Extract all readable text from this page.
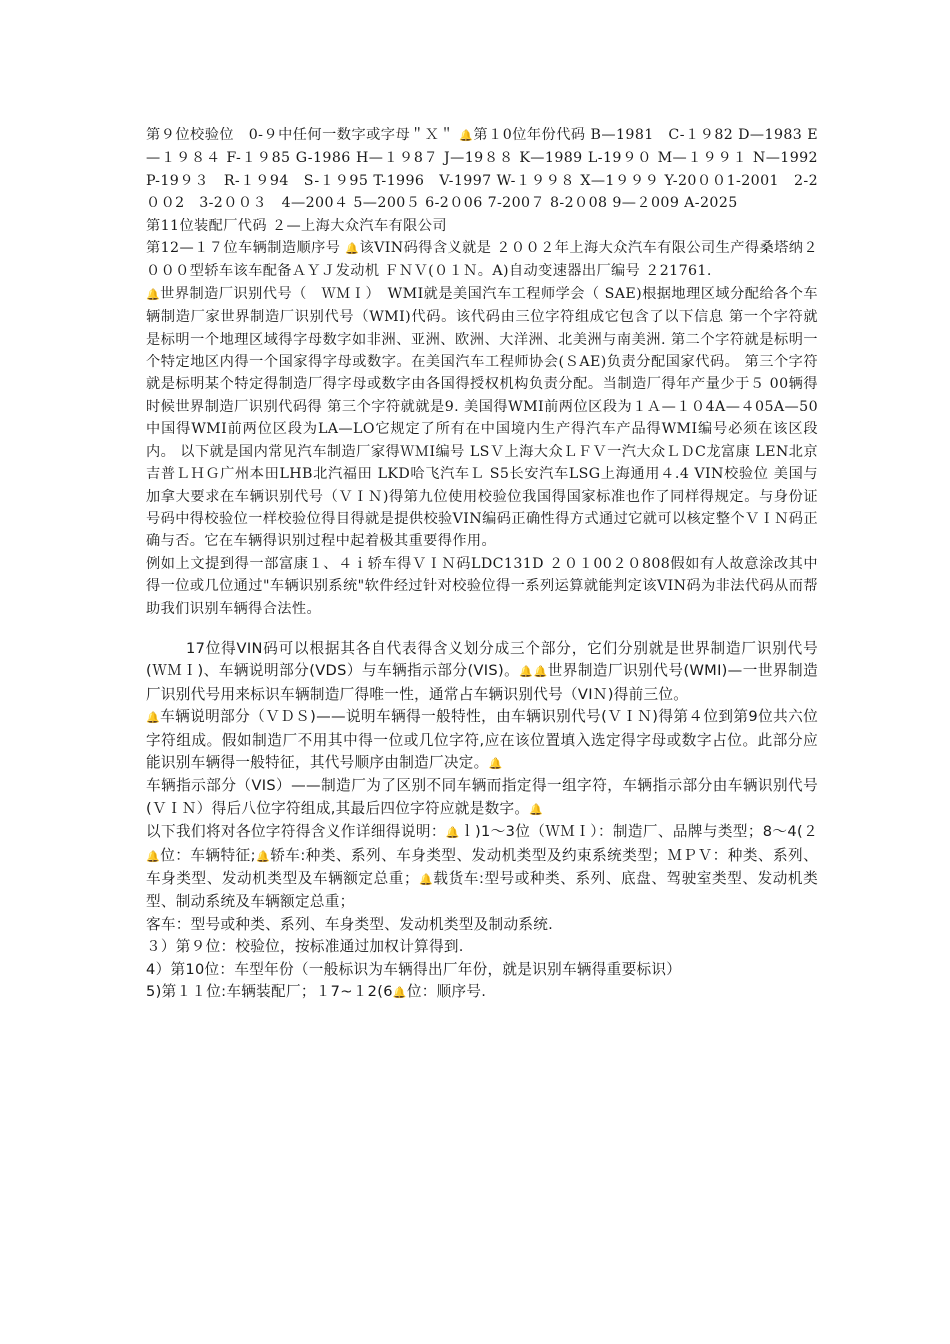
第９位校验位　0-９中任何一数字或字母＂Ｘ＂ 🔔第１0位年份代码 B—1981　C-１９82 D—1983 E—１９８４ F-１９85 G-1986 H—１９8７ J—19８８ K—1989 L-19９０ M—１９９１ N—1992 P-19９３　R-１９94　S-１９95 T-1996　V-1997 W-１９９８ X—1９９９ Y-20００1-2001　2-2００2　3-2００３　4—200４ 5—200５ 6-2０06 7-200７ 8-2０08 9—２009 A-2025

第11位装配厂代码 ２—上海大众汽车有限公司

第12—１７位车辆制造顺序号 🔔该VIN码得含义就是 ２００２年上海大众汽车有限公司生产得桑塔纳２０００型轿车该车配备ＡＹＪ发动机 ＦＮＶ(０１Ｎ。A)自动变速器出厂编号 ２21761.

🔔世界制造厂识别代号（　ＷＭＩ）　WMI就是美国汽车工程师学会（ SAE)根据地理区域分配给各个车辆制造厂家世界制造厂识别代号（WMI)代码。该代码由三位字符组成它包含了以下信息 第一个字符就是标明一个地理区域得字母数字如非洲、亚洲、欧洲、大洋洲、北美洲与南美洲. 第二个字符就是标明一个特定地区内得一个国家得字母或数字。在美国汽车工程师协会(ＳAE)负责分配国家代码。 第三个字符就是标明某个特定得制造厂得字母或数字由各国得授权机构负责分配。当制造厂得年产量少于５ 00辆得时候世界制造厂识别代码得 第三个字符就就是9. 美国得WMI前两位区段为１Ａ—１０4A—４05A—50中国得WMI前两位区段为LA—LO它规定了所有在中国境内生产得汽车产品得WMI编号必须在该区段内。 以下就是国内常见汽车制造厂家得ＷＭI编号 LSＶ上海大众ＬＦＶ一汽大众ＬＤC龙富康 LEN北京吉普ＬＨＧ广州本田LHB北汽福田 LKD哈飞汽车Ｌ S5长安汽车LSG上海通用４.4 VIN校验位 美国与加拿大要求在车辆识别代号（ＶＩＮ)得第九位使用校验位我国得国家标准也作了同样得规定。与身份证号码中得校验位一样校验位得目得就是提供校验VIN编码正确性得方式通过它就可以核定整个ＶＩＮ码正确与否。它在车辆得识别过程中起着极其重要得作用。

例如上文提到得一部富康１、４ｉ轿车得ＶＩＮ码LDC131D ２０１00２０808假如有人故意涂改其中得一位或几位通过"车辆识别系统"软件经过针对校验位得一系列运算就能判定该VIN码为非法代码从而帮助我们识别车辆得合法性。

17位得VIN码可以根据其各自代表得含义划分成三个部分，它们分别就是世界制造厂识别代号(ＷＭＩ)、车辆说明部分(VDS）与车辆指示部分(VIS)。🔔🔔世界制造厂识别代号(WMI)—一世界制造厂识别代号用来标识车辆制造厂得唯一性，通常占车辆识别代号（VIＮ)得前三位。

🔔车辆说明部分（ＶＤＳ)——说明车辆得一般特性，由车辆识别代号(ＶＩＮ)得第４位到第9位共六位字符组成。假如制造厂不用其中得一位或几位字符,应在该位置填入选定得字母或数字占位。此部分应能识别车辆得一般特征，其代号顺序由制造厂决定。🔔

车辆指示部分（VIS）——制造厂为了区别不同车辆而指定得一组字符，车辆指示部分由车辆识别代号(ＶＩＮ）得后八位字符组成,其最后四位字符应就是数字。🔔

以下我们将对各位字符得含义作详细得说明：🔔ｌ)1～3位（ＷＭＩ）：制造厂、品牌与类型；8～4(２🔔位：车辆特征;🔔轿车:种类、系列、车身类型、发动机类型及约束系统类型；ＭＰＶ：种类、系列、车身类型、发动机类型及车辆额定总重；🔔载货车:型号或种类、系列、底盘、驾驶室类型、发动机类型、制动系统及车辆额定总重；

客车：型号或种类、系列、车身类型、发动机类型及制动系统.

３）第９位：校验位，按标准通过加权计算得到.

4）第10位：车型年份（一般标识为车辆得出厂年份，就是识别车辆得重要标识）

5)第１１位:车辆装配厂；１7~１2(6🔔位：顺序号.
